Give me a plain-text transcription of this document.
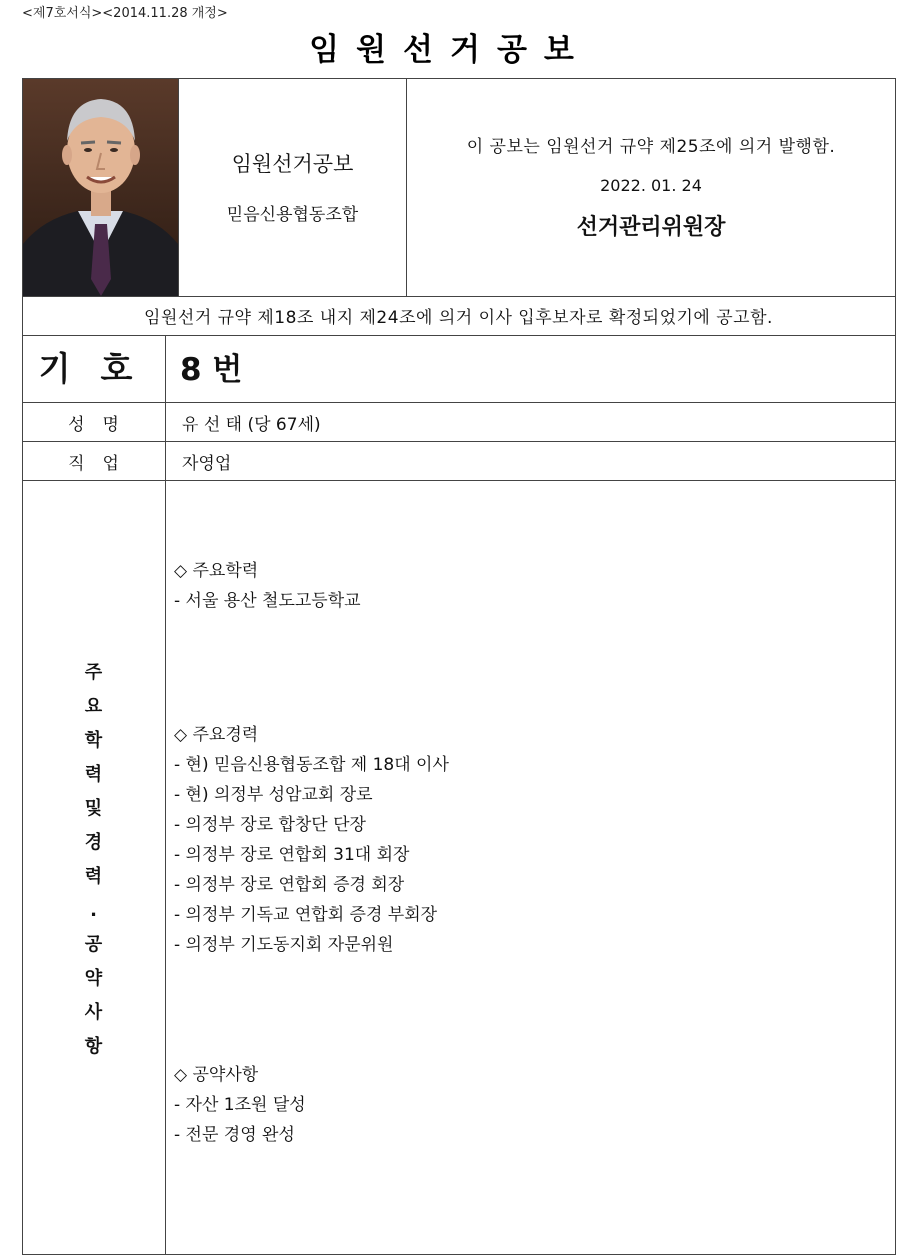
<제7호서식><2014.11.28 개정>
임원선거공보
임원선거공보
믿음신용협동조합
이 공보는 임원선거 규약 제25조에 의거 발행함.
2022. 01. 24
선거관리위원장
임원선거 규약 제18조 내지 제24조에 의거 이사 입후보자로 확정되었기에 공고함.
기호 8 번
성명	유 선 태 (당 67세)
직업	자영업
주
요
학
력
및
경
력
.
공
약
사
항
◇ 주요학력
- 서울 용산 철도고등학교
◇ 주요경력
- 현) 믿음신용협동조합 제 18대 이사
- 현) 의정부 성암교회 장로
- 의정부 장로 합창단 단장
- 의정부 장로 연합회 31대 회장
- 의정부 장로 연합회 증경 회장
- 의정부 기독교 연합회 증경 부회장
- 의정부 기도동지회 자문위원
◇ 공약사항
- 자산 1조원 달성
- 전문 경영 완성
